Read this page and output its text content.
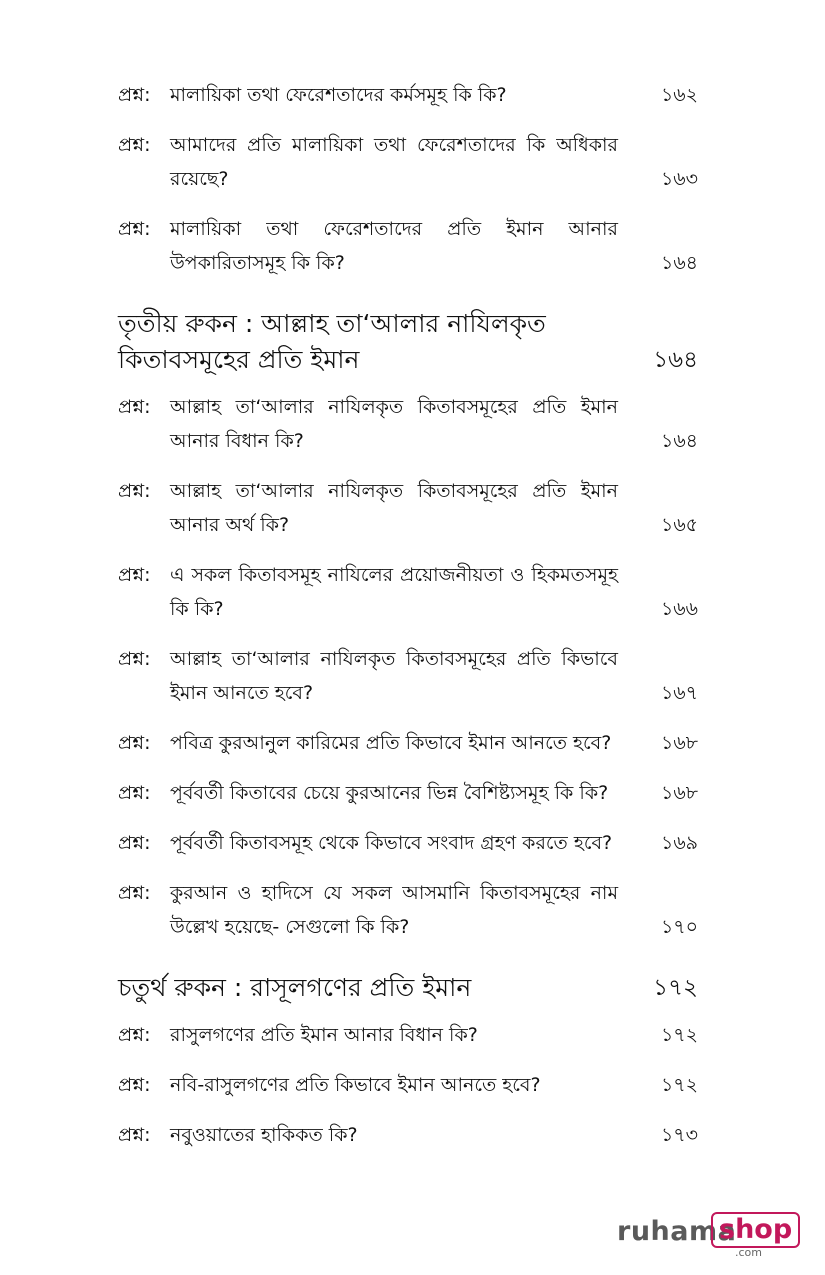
প্রশ্ন:	মালায়িকা তথা ফেরেশতাদের কর্মসমূহ কি কি?	১৬২
প্রশ্ন:	আমাদের প্রতি মালায়িকা তথা ফেরেশতাদের কি অধিকার রয়েছে?	১৬৩
প্রশ্ন:	মালায়িকা তথা ফেরেশতাদের প্রতি ইমান আনার উপকারিতাসমূহ কি কি?	১৬৪
তৃতীয় রুকন : আল্লাহ তা‘আলার নাযিলকৃত কিতাবসমূহের প্রতি ইমান	১৬৪
প্রশ্ন:	আল্লাহ তা‘আলার নাযিলকৃত কিতাবসমূহের প্রতি ইমান আনার বিধান কি?	১৬৪
প্রশ্ন:	আল্লাহ তা‘আলার নাযিলকৃত কিতাবসমূহের প্রতি ইমান আনার অর্থ কি?	১৬৫
প্রশ্ন:	এ সকল কিতাবসমূহ নাযিলের প্রয়োজনীয়তা ও হিকমতসমূহ কি কি?	১৬৬
প্রশ্ন:	আল্লাহ তা‘আলার নাযিলকৃত কিতাবসমূহের প্রতি কিভাবে ইমান আনতে হবে?	১৬৭
প্রশ্ন:	পবিত্র কুরআনুল কারিমের প্রতি কিভাবে ইমান আনতে হবে?	১৬৮
প্রশ্ন:	পূর্ববর্তী কিতাবের চেয়ে কুরআনের ভিন্ন বৈশিষ্ট্যসমূহ কি কি?	১৬৮
প্রশ্ন:	পূর্ববর্তী কিতাবসমূহ থেকে কিভাবে সংবাদ গ্রহণ করতে হবে?	১৬৯
প্রশ্ন:	কুরআন ও হাদিসে যে সকল আসমানি কিতাবসমূহের নাম উল্লেখ হয়েছে- সেগুলো কি কি?	১৭০
চতুর্থ রুকন : রাসূলগণের প্রতি ইমান	১৭২
প্রশ্ন:	রাসুলগণের প্রতি ইমান আনার বিধান কি?	১৭২
প্রশ্ন:	নবি-রাসুলগণের প্রতি কিভাবে ইমান আনতে হবে?	১৭২
প্রশ্ন:	নবুওয়াতের হাকিকত কি?	১৭৩
ruhama
shop
.com
